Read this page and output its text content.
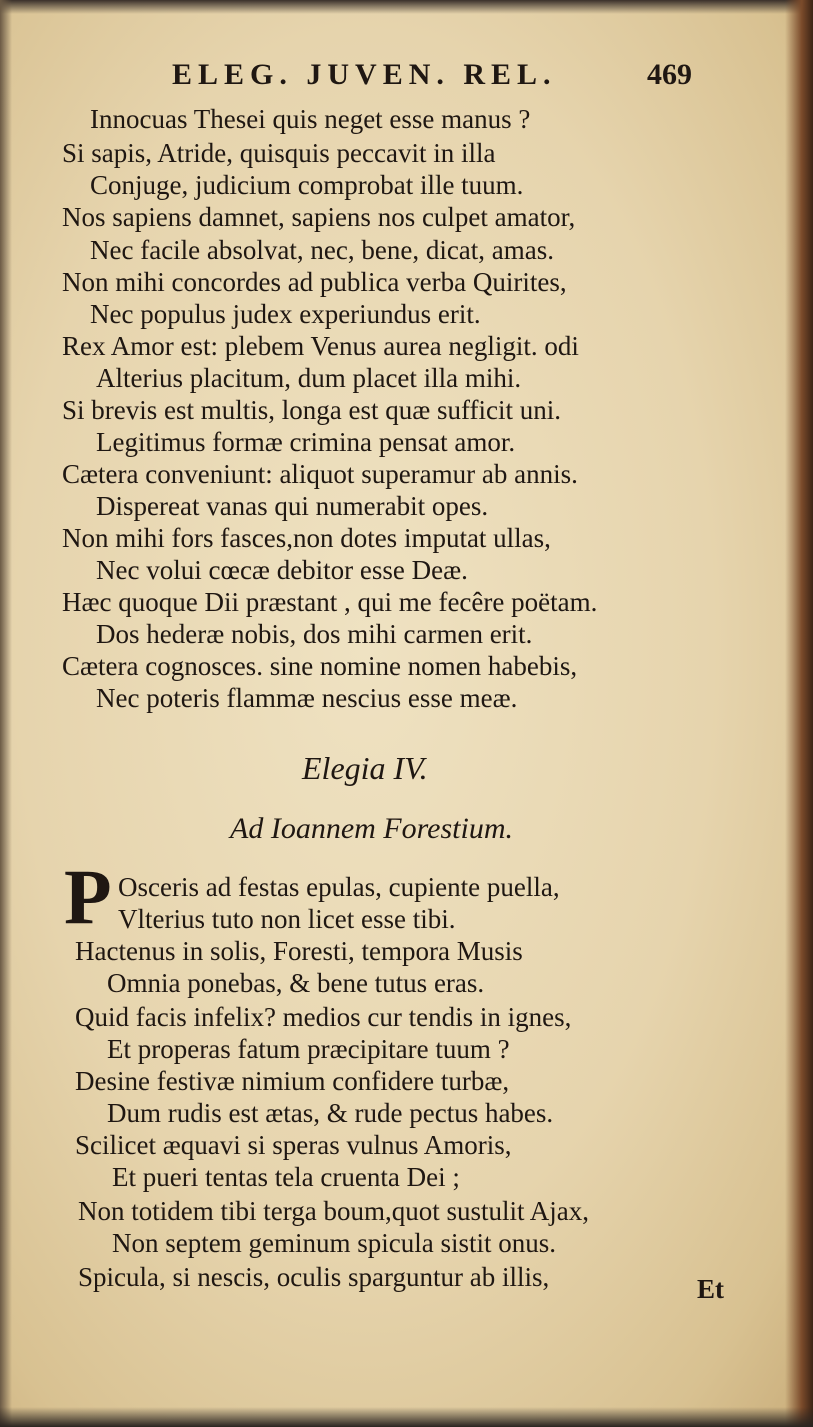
ELEG. JUVEN. REL.	469
Innocuas Thesei quis neget esse manus ?
Si sapis, Atride, quisquis peccavit in illa
Conjuge, judicium comprobat ille tuum.
Nos sapiens damnet, sapiens nos culpet amator,
Nec facile absolvat, nec, bene, dicat, amas.
Non mihi concordes ad publica verba Quirites,
Nec populus judex experiundus erit.
Rex Amor est: plebem Venus aurea negligit. odi
Alterius placitum, dum placet illa mihi.
Si brevis est multis, longa est quæ sufficit uni.
Legitimus formæ crimina pensat amor.
Cætera conveniunt: aliquot superamur ab annis.
Dispereat vanas qui numerabit opes.
Non mihi fors fasces,non dotes imputat ullas,
Nec volui cœcæ debitor esse Deæ.
Hæc quoque Dii præstant , qui me fecêre poëtam.
Dos hederæ nobis, dos mihi carmen erit.
Cætera cognosces. sine nomine nomen habebis,
Nec poteris flammæ nescius esse meæ.
Elegia IV.
Ad Ioannem Forestium.
P Osceris ad festas epulas, cupiente puella,
Vlterius tuto non licet esse tibi.
Hactenus in solis, Foresti, tempora Musis
Omnia ponebas, & bene tutus eras.
Quid facis infelix? medios cur tendis in ignes,
Et properas fatum præcipitare tuum ?
Desine festivæ nimium confidere turbæ,
Dum rudis est ætas, & rude pectus habes.
Scilicet æquavi si speras vulnus Amoris,
Et pueri tentas tela cruenta Dei ;
Non totidem tibi terga boum,quot sustulit Ajax,
Non septem geminum spicula sistit onus.
Spicula, si nescis, oculis sparguntur ab illis,	Et
